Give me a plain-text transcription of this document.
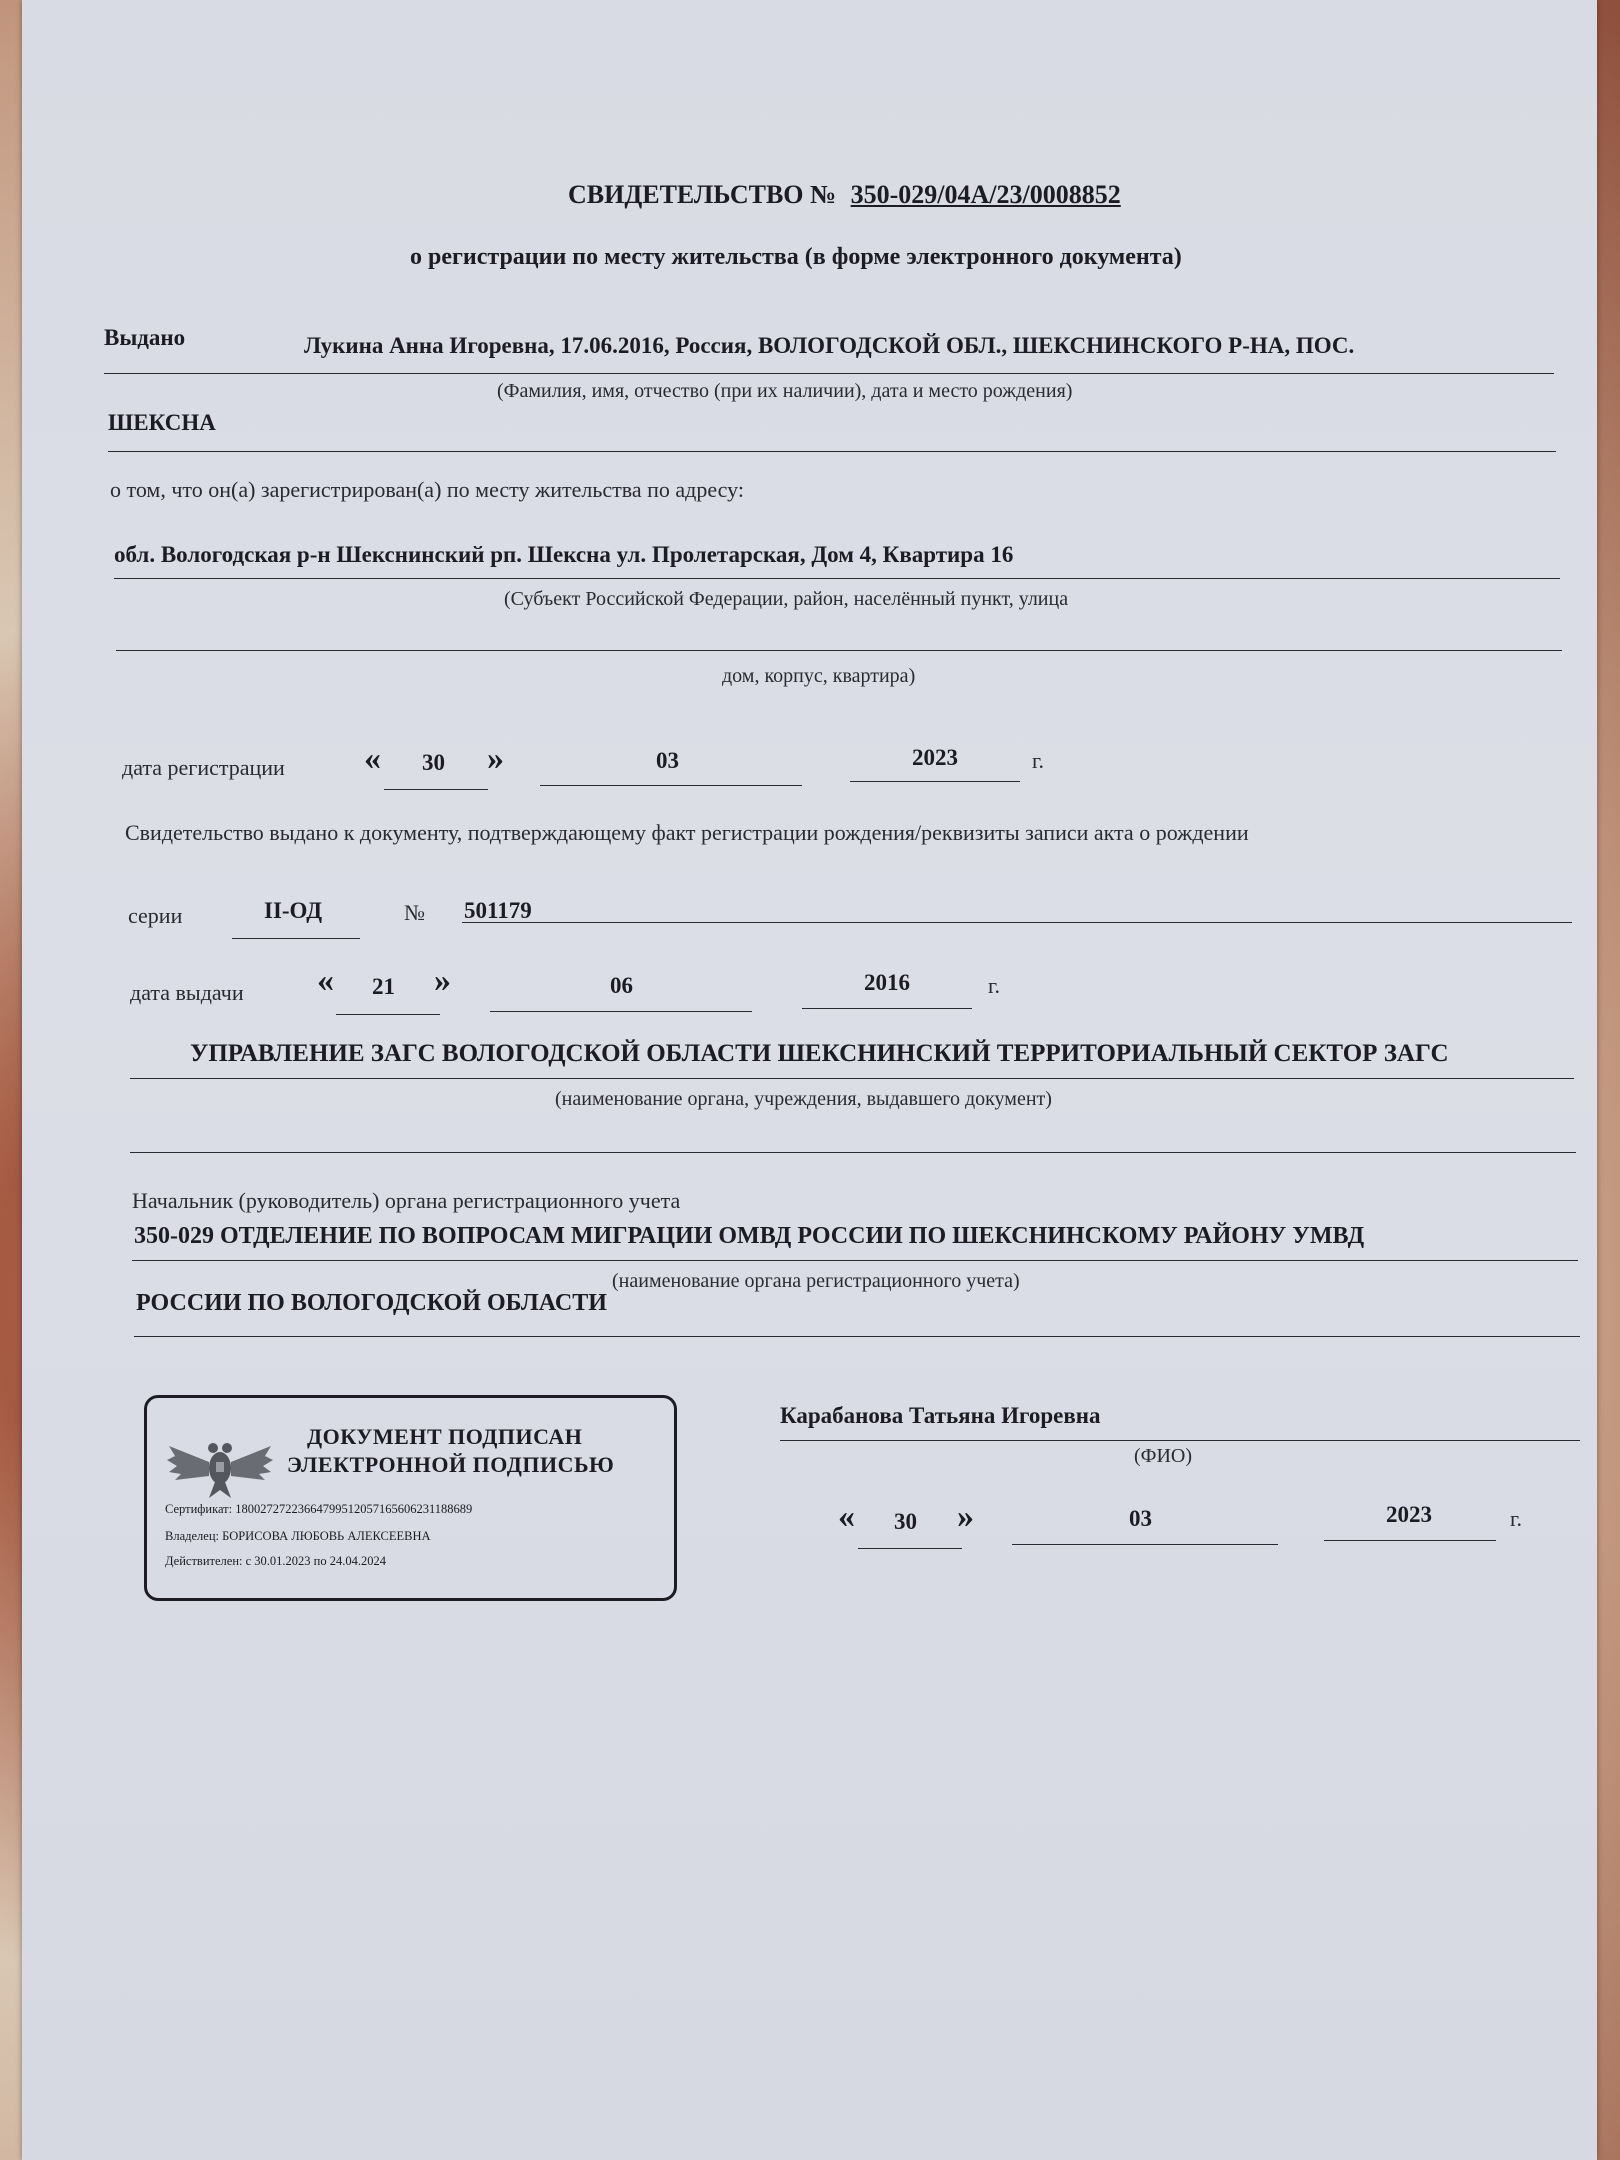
СВИДЕТЕЛЬСТВО № 350-029/04А/23/0008852
о регистрации по месту жительства (в форме электронного документа)
Выдано	Лукина Анна Игоревна, 17.06.2016, Россия, ВОЛОГОДСКОЙ ОБЛ., ШЕКСНИНСКОГО Р-НА, ПОС.
(Фамилия, имя, отчество (при их наличии), дата и место рождения)
ШЕКСНА
о том, что он(а) зарегистрирован(а) по месту жительства по адресу:
обл. Вологодская р-н Шекснинский рп. Шексна ул. Пролетарская, Дом 4, Квартира 16
(Субъект Российской Федерации, район, населённый пункт, улица
дом, корпус, квартира)
дата регистрации « 30 »	03	2023	г.
Свидетельство выдано к документу, подтверждающему факт регистрации рождения/реквизиты записи акта о рождении
серии	II-ОД	№ 501179
дата выдачи « 21 »	06	2016	г.
УПРАВЛЕНИЕ ЗАГС ВОЛОГОДСКОЙ ОБЛАСТИ ШЕКСНИНСКИЙ ТЕРРИТОРИАЛЬНЫЙ СЕКТОР ЗАГС
(наименование органа, учреждения, выдавшего документ)
Начальник (руководитель) органа регистрационного учета
350-029 ОТДЕЛЕНИЕ ПО ВОПРОСАМ МИГРАЦИИ ОМВД РОССИИ ПО ШЕКСНИНСКОМУ РАЙОНУ УМВД
(наименование органа регистрационного учета)
РОССИИ ПО ВОЛОГОДСКОЙ ОБЛАСТИ
ДОКУМЕНТ ПОДПИСАН
ЭЛЕКТРОННОЙ ПОДПИСЬЮ
Сертификат: 18002727223664799512057165606231188689
Владелец: БОРИСОВА ЛЮБОВЬ АЛЕКСЕЕВНА
Действителен: с 30.01.2023 по 24.04.2024
Карабанова Татьяна Игоревна
(ФИО)
« 30 »	03	2023	г.
